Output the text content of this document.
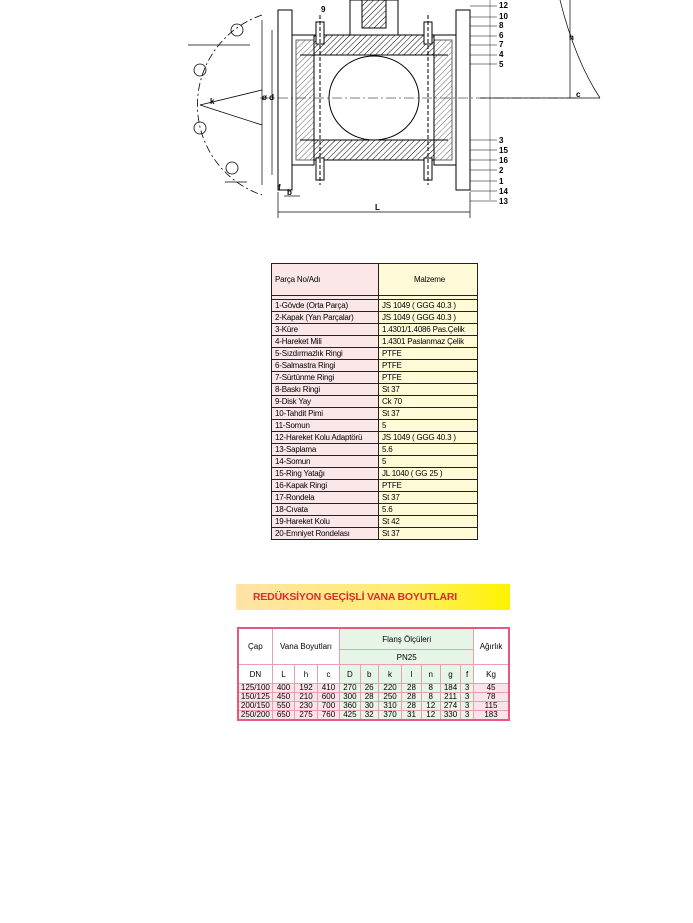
9	12
10
8
6
7
4
5
3
15
16
2
1
14
13
h
L
b
f
ø d
k
c
Parça No/Adı	Malzeme

1-Gövde (Orta Parça)	JS 1049 ( GGG 40.3 )
2-Kapak (Yan Parçalar)	JS 1049 ( GGG 40.3 )
3-Küre	1.4301/1.4086 Pas.Çelik
4-Hareket Mili	1.4301 Paslanmaz Çelik
5-Sızdırmazlık Ringi	PTFE
6-Salmastra Ringi	PTFE
7-Sürtünme Ringi	PTFE
8-Baskı Ringi	St 37
9-Disk Yay	Ck 70
10-Tahdit Pimi	St 37
11-Somun	5
12-Hareket Kolu Adaptörü	JS 1049 ( GGG 40.3 )
13-Saplama	5.6
14-Somun	5
15-Ring Yatağı	JL 1040 ( GG 25 )
16-Kapak Ringi	PTFE
17-Rondela	St 37
18-Cıvata	5.6
19-Hareket Kolu	St 42
20-Emniyet Rondelası	St 37
REDÜKSİYON GEÇİŞLİ VANA BOYUTLARI
Çap	Vana Boyutları			Flanş Ölçüleri							Ağırlık
				PN25							
DN	L	h	c	D	b	k	l	n	g	f	Kg
125/100	400	192	410	270	26	220	28	8	184	3	45
150/125	450	210	600	300	28	250	28	8	211	3	78
200/150	550	230	700	360	30	310	28	12	274	3	115
250/200	650	275	760	425	32	370	31	12	330	3	183
